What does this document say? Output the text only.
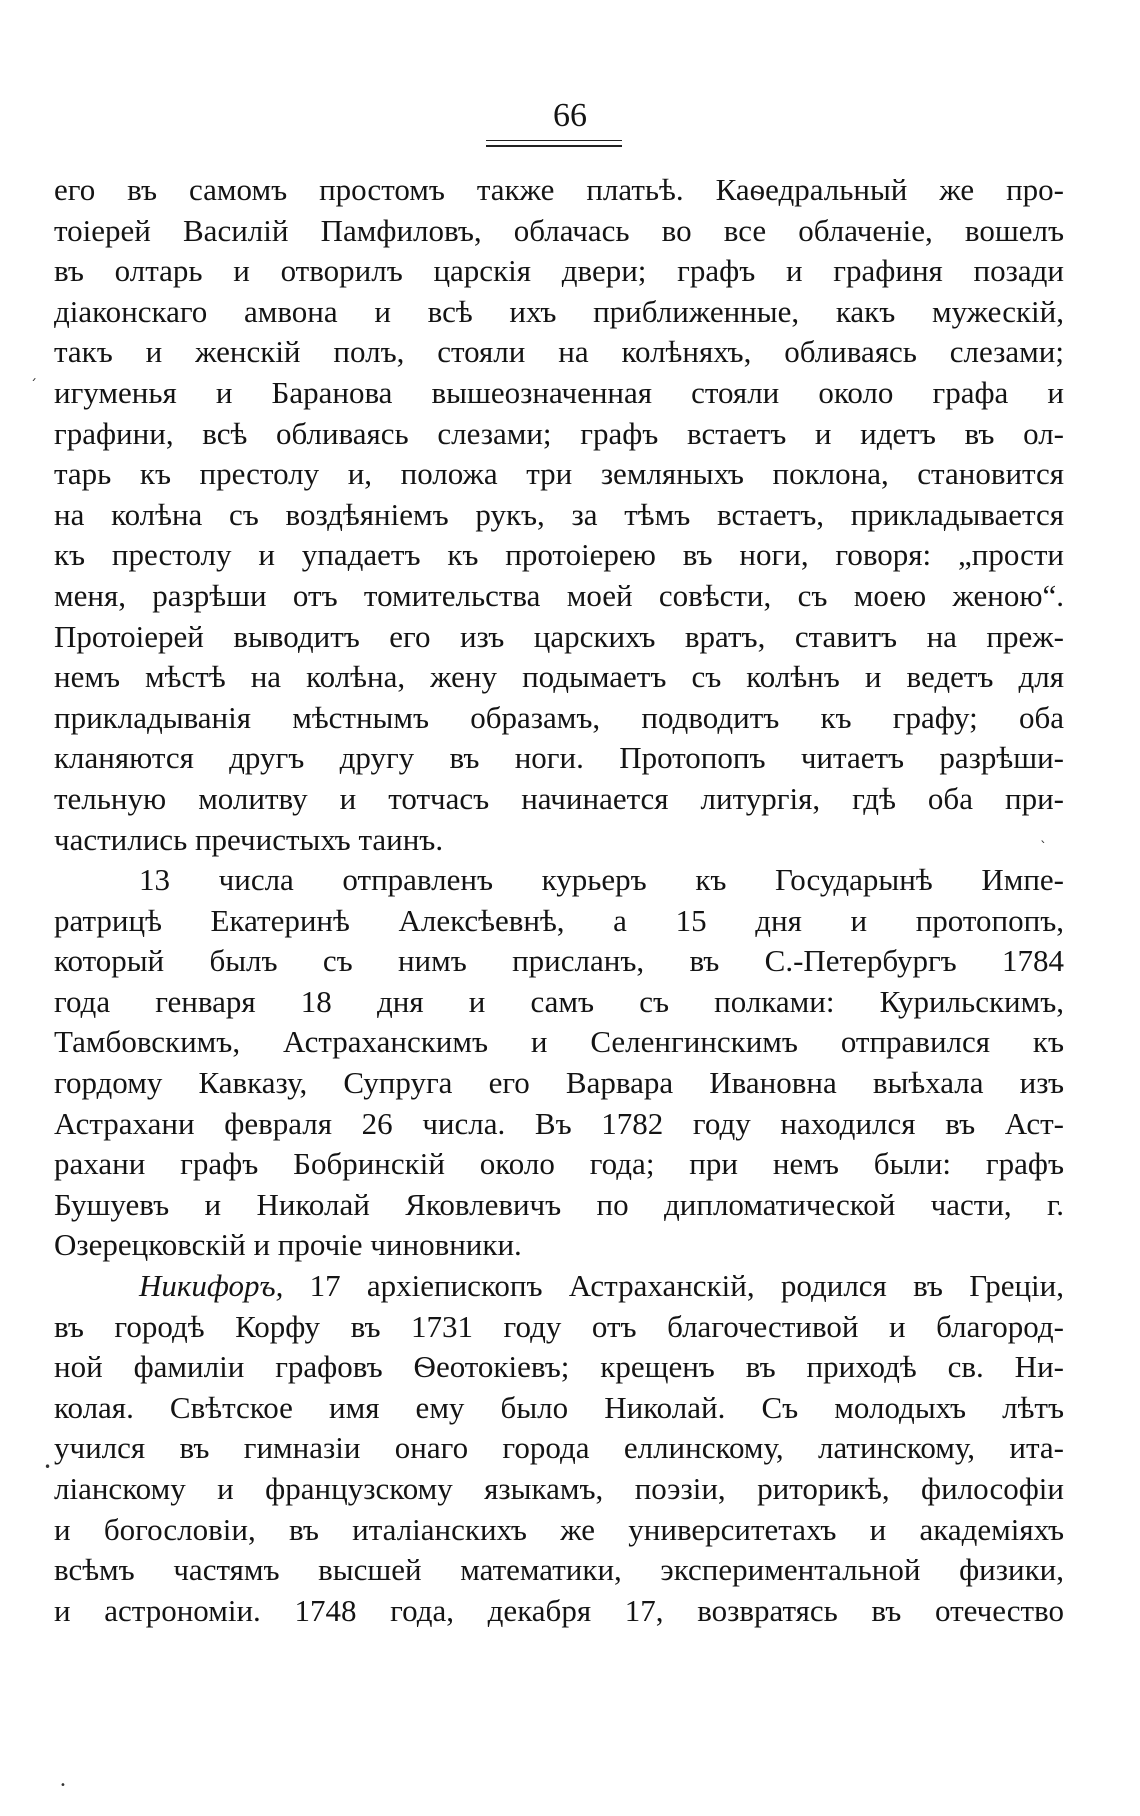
66
его въ самомъ простомъ также платьѣ. Каѳедральный же про-
тоіерей Василій Памфиловъ, облачась во все облаченіе, вошелъ
въ олтарь и отворилъ царскія двери; графъ и графиня позади
діаконскаго амвона и всѣ ихъ приближенные, какъ мужескій,
такъ и женскій полъ, стояли на колѣняхъ, обливаясь слезами;
игуменья и Баранова вышеозначенная стояли около графа и
графини, всѣ обливаясь слезами; графъ встаетъ и идетъ въ ол-
тарь къ престолу и, положа три земляныхъ поклона, становится
на колѣна съ воздѣяніемъ рукъ, за тѣмъ встаетъ, прикладывается
къ престолу и упадаетъ къ протоіерею въ ноги, говоря: „прости
меня, разрѣши отъ томительства моей совѣсти, съ моею женою“.
Протоіерей выводитъ его изъ царскихъ вратъ, ставитъ на преж-
немъ мѣстѣ на колѣна, жену подымаетъ съ колѣнъ и ведетъ для
прикладыванія мѣстнымъ образамъ, подводитъ къ графу; оба
кланяются другъ другу въ ноги. Протопопъ читаетъ разрѣши-
тельную молитву и тотчасъ начинается литургія, гдѣ оба при-
частились пречистыхъ таинъ.
13 числа отправленъ курьеръ къ Государынѣ Импе-
ратрицѣ Екатеринѣ Алексѣевнѣ, а 15 дня и протопопъ,
который былъ съ нимъ присланъ, въ С.-Петербургъ 1784
года генваря 18 дня и самъ съ полками: Курильскимъ,
Тамбовскимъ, Астраханскимъ и Селенгинскимъ отправился къ
гордому Кавказу, Супруга его Варвара Ивановна выѣхала изъ
Астрахани февраля 26 числа. Въ 1782 году находился въ Аст-
рахани графъ Бобринскій около года; при немъ были: графъ
Бушуевъ и Николай Яковлевичъ по дипломатической части, г.
Озерецковскій и прочіе чиновники.
Никифоръ, 17 архіепископъ Астраханскій, родился въ Греціи,
въ городѣ Корфу въ 1731 году отъ благочестивой и благород-
ной фамиліи графовъ Ѳеотокіевъ; крещенъ въ приходѣ св. Ни-
колая. Свѣтское имя ему было Николай. Съ молодыхъ лѣтъ
учился въ гимназіи онаго города еллинскому, латинскому, ита-
ліанскому и французскому языкамъ, поэзіи, риторикѣ, философіи
и богословіи, въ италіанскихъ же университетахъ и академіяхъ
всѣмъ частямъ высшей математики, экспериментальной физики,
и астрономіи. 1748 года, декабря 17, возвратясь въ отечество
ˊ
•
ˋ
•
